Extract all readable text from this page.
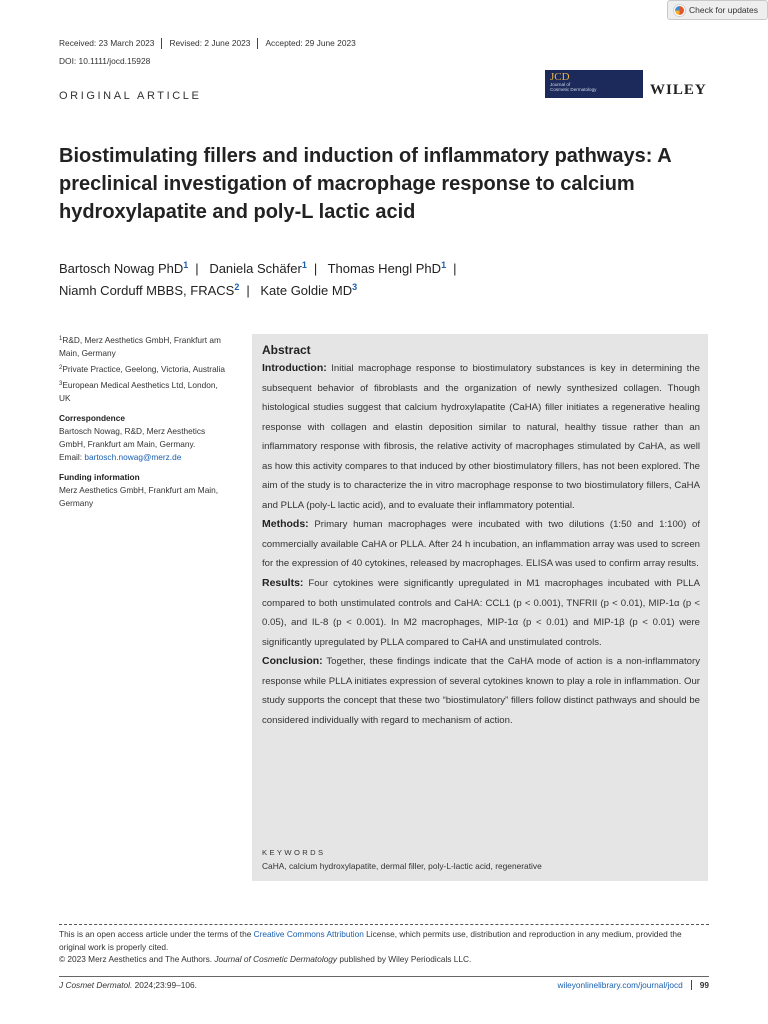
Check for updates
Received: 23 March 2023	Revised: 2 June 2023	Accepted: 29 June 2023
DOI: 10.1111/jocd.15928
ORIGINAL ARTICLE
JCD
Journal of
Cosmetic Dermatology	WILEY
Biostimulating fillers and induction of inflammatory pathways: A preclinical investigation of macrophage response to calcium hydroxylapatite and poly-L lactic acid
Bartosch Nowag PhD$^1$ | Daniela Schäfer$^1$ | Thomas Hengl PhD$^1$ |
Niamh Corduff MBBS, FRACS$^2$ | Kate Goldie $MD^3$
$^1$R&D, Merz Aesthetics GmbH, Frankfurt am Main, Germany
$^2$Private Practice, Geelong, Victoria, Australia
$^3$European Medical Aesthetics Ltd, London, UK
Correspondence
Bartosch Nowag, R&D, Merz Aesthetics GmbH, Frankfurt am Main, Germany.
Email: bartosch.nowag@merz.de
Funding information
Merz Aesthetics GmbH, Frankfurt am Main, Germany
Abstract

Introduction: Initial macrophage response to biostimulatory substances is key in determining the subsequent behavior of fibroblasts and the organization of newly synthesized collagen. Though histological studies suggest that calcium hydroxylapatite (CaHA) filler initiates a regenerative healing response with collagen and elastin deposition similar to natural, healthy tissue rather than an inflammatory response with fibrosis, the relative activity of macrophages stimulated by CaHA, as well as how this activity compares to that induced by other biostimulatory fillers, has not been explored. The aim of the study is to characterize the in vitro macrophage response to two biostimulatory fillers, CaHA and PLLA (poly-L lactic acid), and to evaluate their inflammatory potential.

Methods: Primary human macrophages were incubated with two dilutions (1:50 and 1:100) of commercially available CaHA or PLLA. After 24 h incubation, an inflammation array was used to screen for the expression of 40 cytokines, released by macrophages. ELISA was used to confirm array results.

Results: Four cytokines were significantly upregulated in M1 macrophages incubated with PLLA compared to both unstimulated controls and CaHA: CCL1 (p < 0.001), TNFRII (p < 0.01), MIP-1α (p < 0.05), and IL-8 (p < 0.001). In M2 macrophages, MIP-1α (p < 0.01) and MIP-1β (p < 0.01) were significantly upregulated by PLLA compared to CaHA and unstimulated controls.

Conclusion: Together, these findings indicate that the CaHA mode of action is a non-inflammatory response while PLLA initiates expression of several cytokines known to play a role in inflammation. Our study supports the concept that these two “biostimulatory” fillers follow distinct pathways and should be considered individually with regard to mechanism of action.

KEYWORDS
CaHA, calcium hydroxylapatite, dermal filler, poly-L-lactic acid, regenerative
This is an open access article under the terms of the Creative Commons Attribution License, which permits use, distribution and reproduction in any medium, provided the original work is properly cited.
© 2023 Merz Aesthetics and The Authors. Journal of Cosmetic Dermatology published by Wiley Periodicals LLC.
J Cosmet Dermatol. 2024;23:99–106.	wileyonlinelibrary.com/journal/jocd	99
